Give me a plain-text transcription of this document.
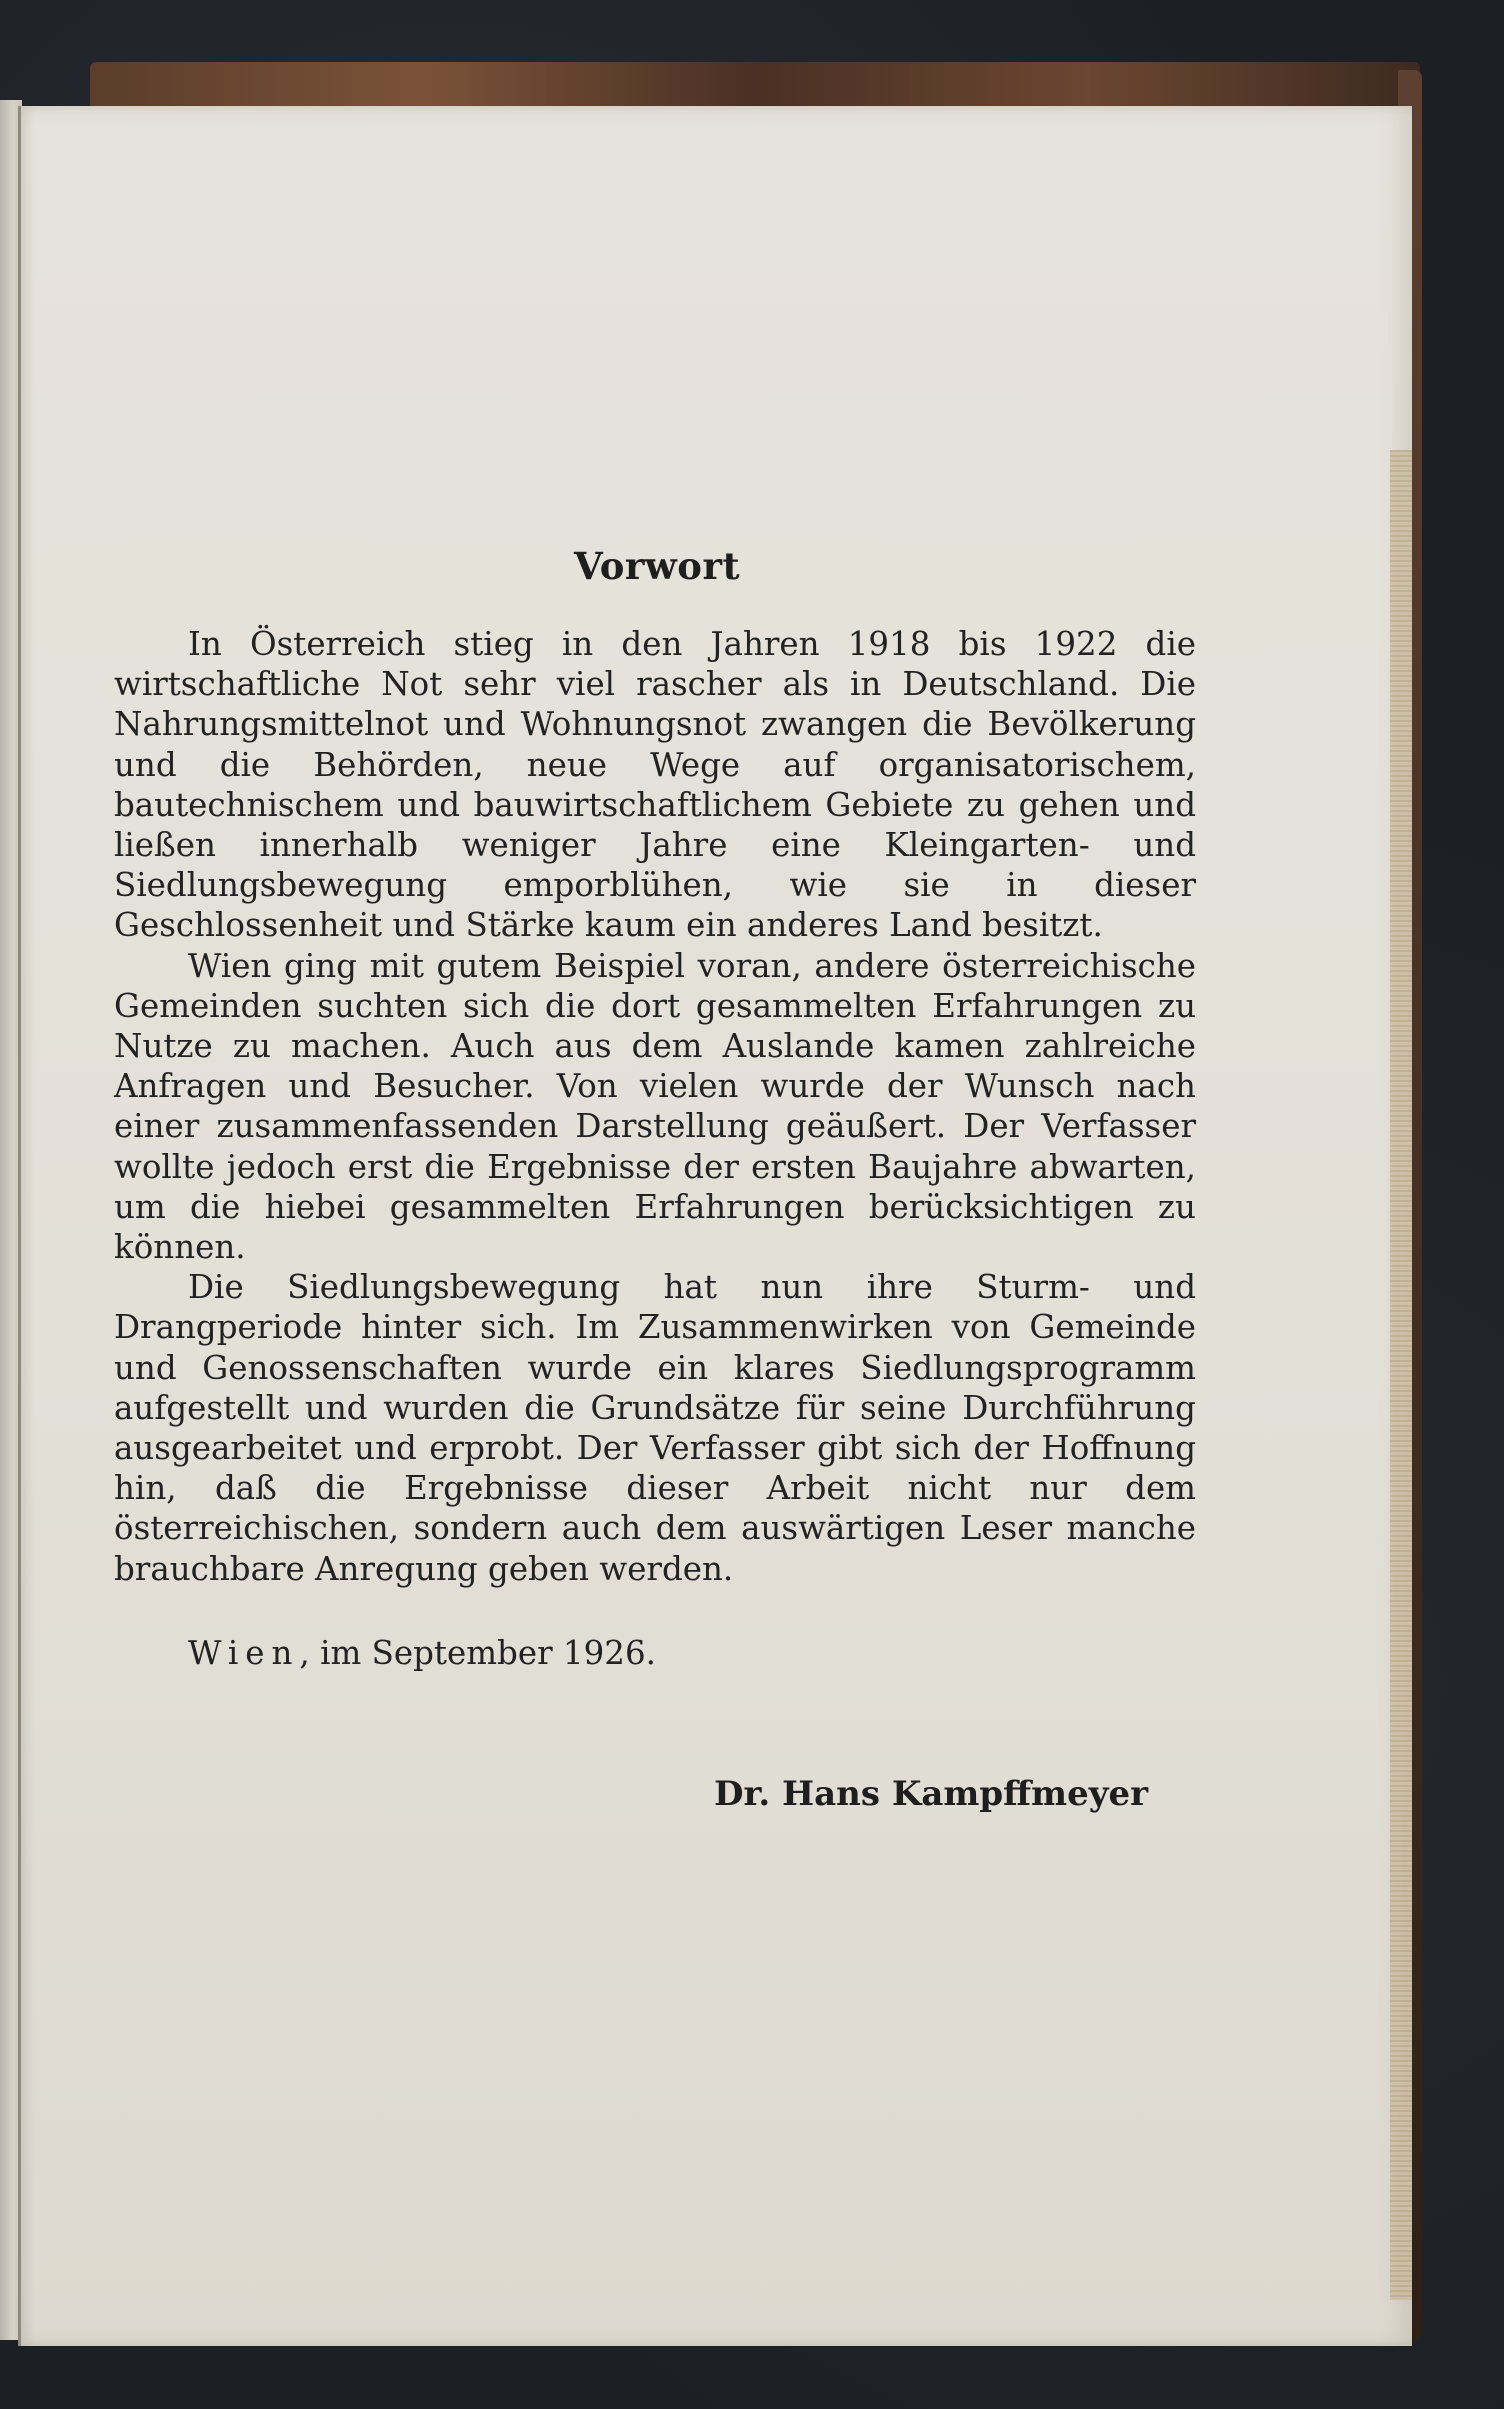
Vorwort

In Österreich stieg in den Jahren 1918 bis 1922 die wirtschaftliche Not sehr viel rascher als in Deutschland. Die Nahrungsmittelnot und Wohnungsnot zwangen die Bevölkerung und die Behörden, neue Wege auf organisatorischem, bautechnischem und bauwirtschaftlichem Gebiete zu gehen und ließen innerhalb weniger Jahre eine Kleingarten- und Siedlungsbewegung emporblühen, wie sie in dieser Geschlossenheit und Stärke kaum ein anderes Land besitzt.

Wien ging mit gutem Beispiel voran, andere österreichische Gemeinden suchten sich die dort gesammelten Erfahrungen zu Nutze zu machen. Auch aus dem Auslande kamen zahlreiche Anfragen und Besucher. Von vielen wurde der Wunsch nach einer zusammenfassenden Darstellung geäußert. Der Verfasser wollte jedoch erst die Ergebnisse der ersten Baujahre abwarten, um die hiebei gesammelten Erfahrungen berücksichtigen zu können.

Die Siedlungsbewegung hat nun ihre Sturm- und Drangperiode hinter sich. Im Zusammenwirken von Gemeinde und Genossenschaften wurde ein klares Siedlungsprogramm aufgestellt und wurden die Grundsätze für seine Durchführung ausgearbeitet und erprobt. Der Verfasser gibt sich der Hoffnung hin, daß die Ergebnisse dieser Arbeit nicht nur dem österreichischen, sondern auch dem auswärtigen Leser manche brauchbare Anregung geben werden.

Wien, im September 1926.
Dr. Hans Kampffmeyer
